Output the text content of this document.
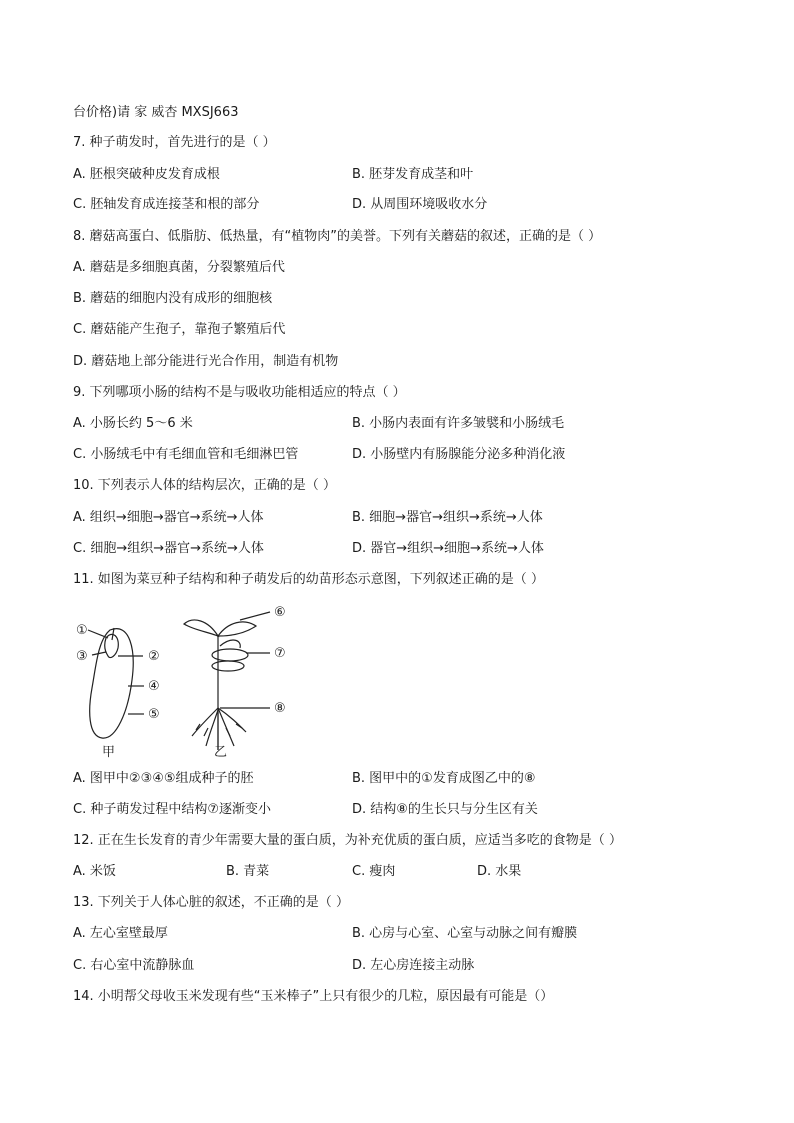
台价格)请 家 威杏 MXSJ663
7. 种子萌发时，首先进行的是（ ）
A. 胚根突破种皮发育成根	B. 胚芽发育成茎和叶
C. 胚轴发育成连接茎和根的部分	D. 从周围环境吸收水分
8. 蘑菇高蛋白、低脂肪、低热量，有“植物肉”的美誉。下列有关蘑菇的叙述，正确的是（ ）
A. 蘑菇是多细胞真菌，分裂繁殖后代
B. 蘑菇的细胞内没有成形的细胞核
C. 蘑菇能产生孢子，靠孢子繁殖后代
D. 蘑菇地上部分能进行光合作用，制造有机物
9. 下列哪项小肠的结构不是与吸收功能相适应的特点（ ）
A. 小肠长约 5～6 米	B. 小肠内表面有许多皱襞和小肠绒毛
C. 小肠绒毛中有毛细血管和毛细淋巴管	D. 小肠壁内有肠腺能分泌多种消化液
10. 下列表示人体的结构层次，正确的是（ ）
A. 组织→细胞→器官→系统→人体	B. 细胞→器官→组织→系统→人体
C. 细胞→组织→器官→系统→人体	D. 器官→组织→细胞→系统→人体
11. 如图为菜豆种子结构和种子萌发后的幼苗形态示意图，下列叙述正确的是（ ）
①
②
③
④
⑤
⑥
⑦
⑧
甲	乙
A. 图甲中②③④⑤组成种子的胚	B. 图甲中的①发育成图乙中的⑧
C. 种子萌发过程中结构⑦逐渐变小	D. 结构⑧的生长只与分生区有关
12. 正在生长发育的青少年需要大量的蛋白质，为补充优质的蛋白质，应适当多吃的食物是（ ）
A. 米饭	B. 青菜	C. 瘦肉	D. 水果
13. 下列关于人体心脏的叙述，不正确的是（ ）
A. 左心室壁最厚	B. 心房与心室、心室与动脉之间有瓣膜
C. 右心室中流静脉血	D. 左心房连接主动脉
14. 小明帮父母收玉米发现有些“玉米棒子”上只有很少的几粒，原因最有可能是（）
